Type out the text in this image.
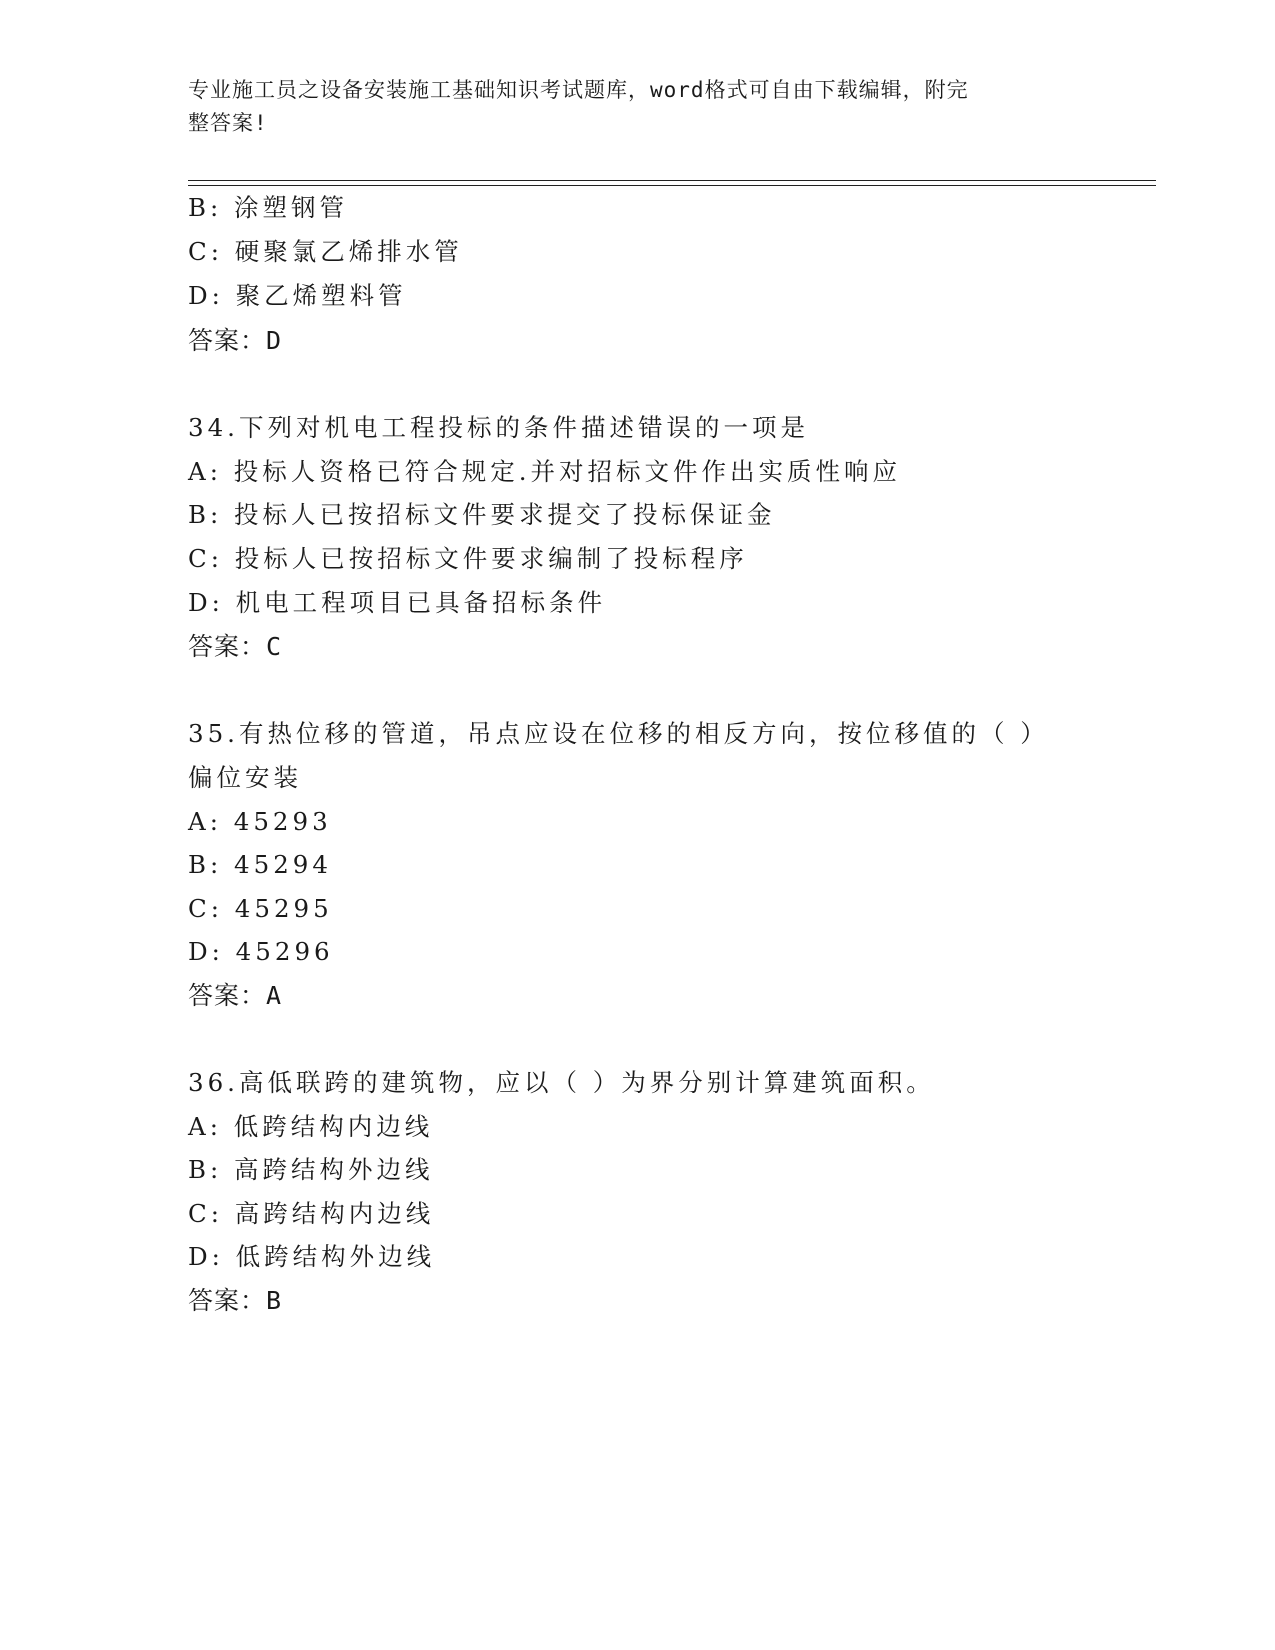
专业施工员之设备安装施工基础知识考试题库，word格式可自由下载编辑，附完
整答案!
B: 涂塑钢管
C: 硬聚氯乙烯排水管
D: 聚乙烯塑料管
答案：D
34.下列对机电工程投标的条件描述错误的一项是
A: 投标人资格已符合规定.并对招标文件作出实质性响应
B: 投标人已按招标文件要求提交了投标保证金
C: 投标人已按招标文件要求编制了投标程序
D: 机电工程项目已具备招标条件
答案：C
35.有热位移的管道，吊点应设在位移的相反方向，按位移值的（ ）
偏位安装
A: 45293
B: 45294
C: 45295
D: 45296
答案：A
36.高低联跨的建筑物，应以（ ）为界分别计算建筑面积。
A: 低跨结构内边线
B: 高跨结构外边线
C: 高跨结构内边线
D: 低跨结构外边线
答案：B
